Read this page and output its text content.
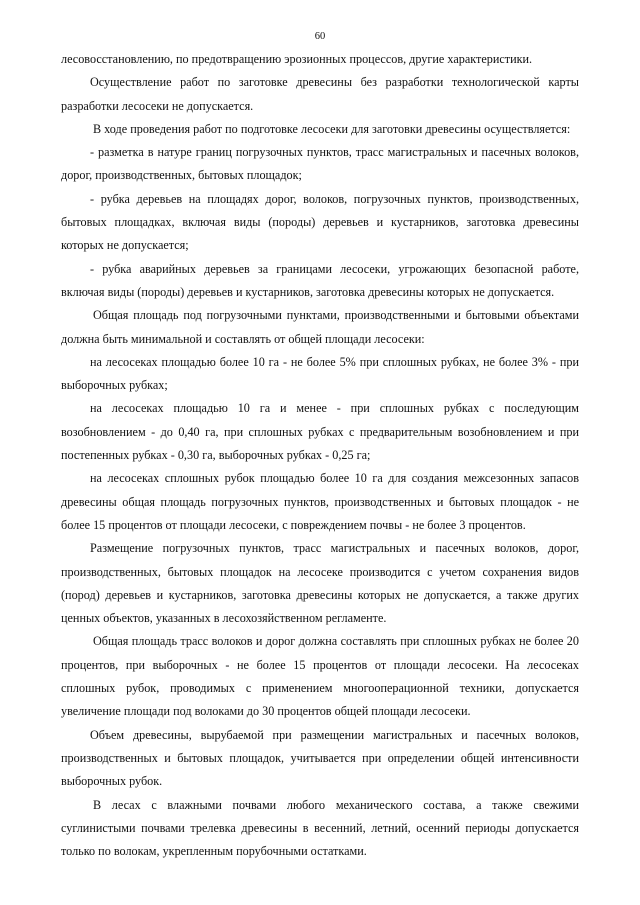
60

лесовосстановлению, по предотвращению эрозионных процессов, другие характеристики.

Осуществление работ по заготовке древесины без разработки технологической карты разработки лесосеки не допускается.

В ходе проведения работ по подготовке лесосеки для заготовки древесины осуществляется:

- разметка в натуре границ погрузочных пунктов, трасс магистральных и пасечных волоков, дорог, производственных, бытовых площадок;

- рубка деревьев на площадях дорог, волоков, погрузочных пунктов, производственных, бытовых площадках, включая виды (породы) деревьев и кустарников, заготовка древесины которых не допускается;

- рубка аварийных деревьев за границами лесосеки, угрожающих безопасной работе, включая виды (породы) деревьев и кустарников, заготовка древесины которых не допускается.

Общая площадь под погрузочными пунктами, производственными и бытовыми объектами должна быть минимальной и составлять от общей площади лесосеки:

на лесосеках площадью более 10 га - не более 5% при сплошных рубках, не более 3% - при выборочных рубках;

на лесосеках площадью 10 га и менее - при сплошных рубках с последующим возобновлением - до 0,40 га, при сплошных рубках с предварительным возобновлением и при постепенных рубках - 0,30 га, выборочных рубках - 0,25 га;

на лесосеках сплошных рубок площадью более 10 га для создания межсезонных запасов древесины общая площадь погрузочных пунктов, производственных и бытовых площадок - не более 15 процентов от площади лесосеки, с повреждением почвы - не более 3 процентов.

Размещение погрузочных пунктов, трасс магистральных и пасечных волоков, дорог, производственных, бытовых площадок на лесосеке производится с учетом сохранения видов (пород) деревьев и кустарников, заготовка древесины которых не допускается, а также других ценных объектов, указанных в лесохозяйственном регламенте.

Общая площадь трасс волоков и дорог должна составлять при сплошных рубках не более 20 процентов, при выборочных - не более 15 процентов от площади лесосеки. На лесосеках сплошных рубок, проводимых с применением многооперационной техники, допускается увеличение площади под волоками до 30 процентов общей площади лесосеки.

Объем древесины, вырубаемой при размещении магистральных и пасечных волоков, производственных и бытовых площадок, учитывается при определении общей интенсивности выборочных рубок.

В лесах с влажными почвами любого механического состава, а также свежими суглинистыми почвами трелевка древесины в весенний, летний, осенний периоды допускается только по волокам, укрепленным порубочными остатками.
